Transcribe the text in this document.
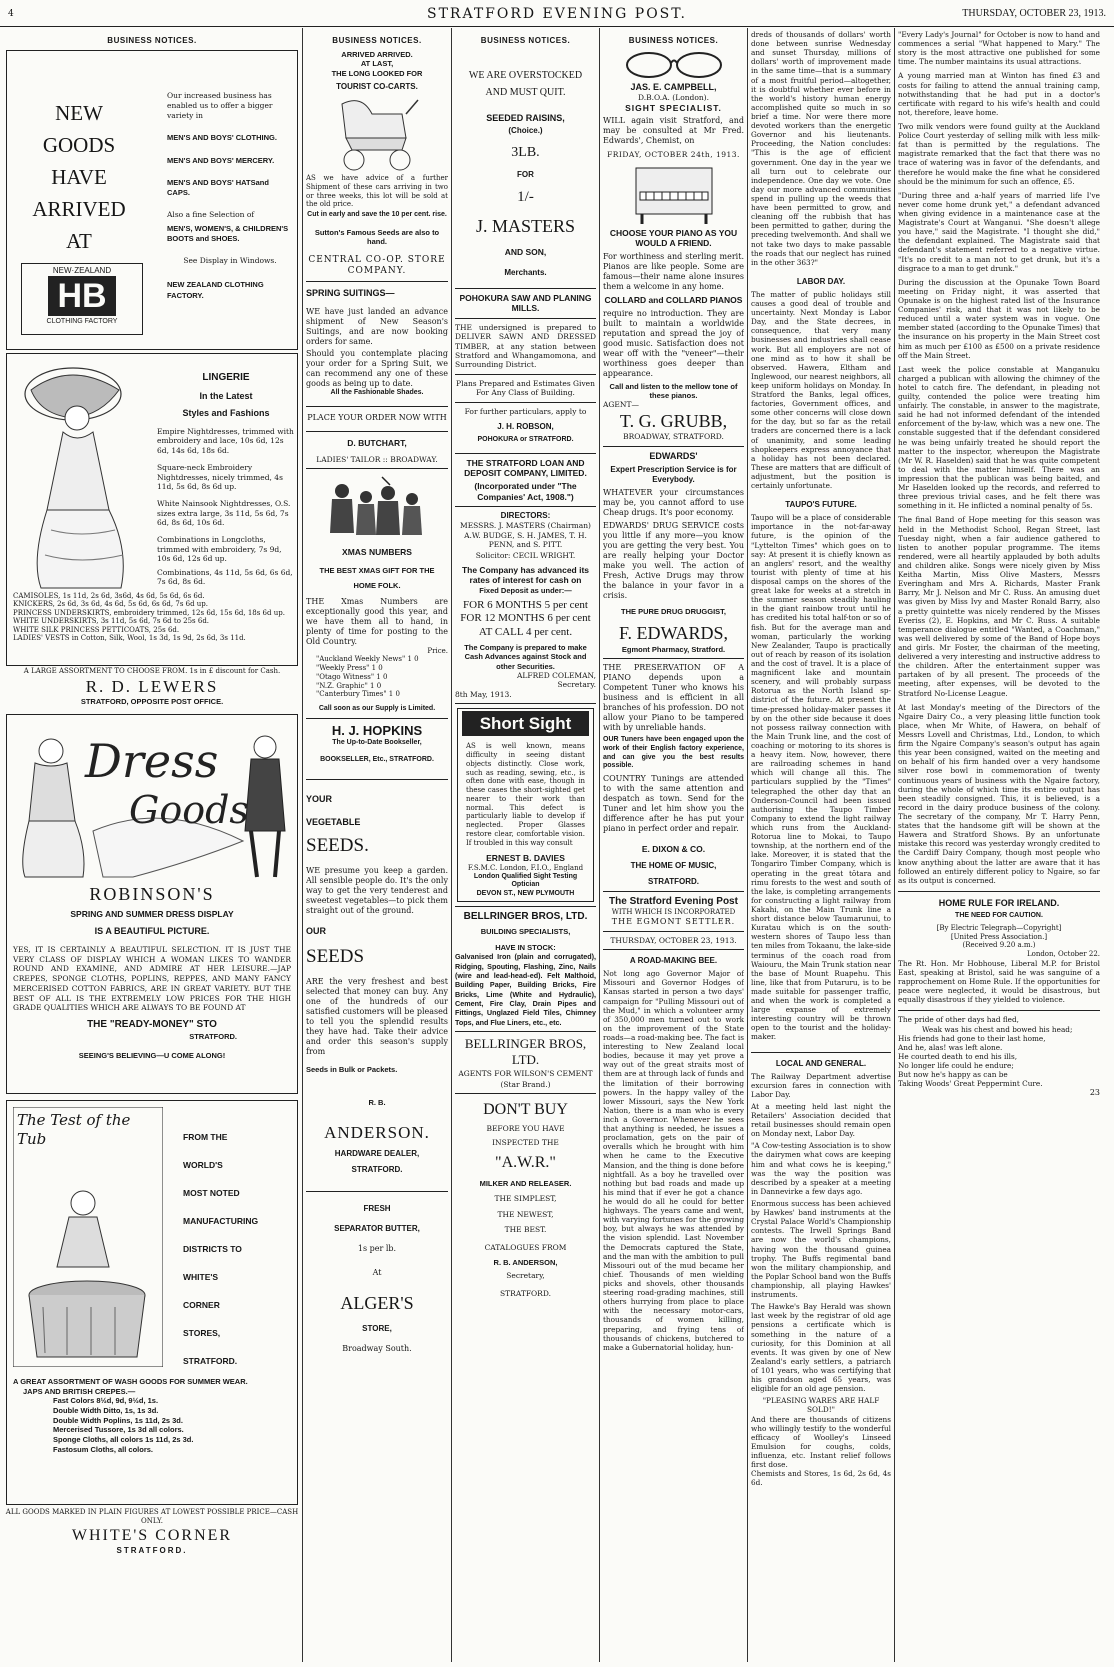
4	STRATFORD EVENING POST.	THURSDAY, OCTOBER 23, 1913.
BUSINESS NOTICES.
NEW
GOODS
HAVE
ARRIVED
AT
NEW·ZEALAND
HB
CLOTHING FACTORY
Our increased business has enabled us to offer a bigger variety in
MEN'S AND BOYS' CLOTHING.
MEN'S AND BOYS' MERCERY.
MEN'S AND BOYS' HATSand CAPS.
Also a fine Selection of
MEN'S, WOMEN'S, & CHILDREN'S BOOTS and SHOES.
See Display in Windows.
NEW ZEALAND CLOTHING FACTORY.
LINGERIE
In the Latest
Styles and Fashions
Empire Nightdresses, trimmed with embroidery and lace, 10s 6d, 12s 6d, 14s 6d, 18s 6d.
Square-neck Embroidery Nightdresses, nicely trimmed, 4s 11d, 5s 6d, 8s 6d up.
White Nainsook Nightdresses, O.S. sizes extra large, 3s 11d, 5s 6d, 7s 6d, 8s 6d, 10s 6d.
Combinations in Longcloths, trimmed with embroidery, 7s 9d, 10s 6d, 12s 6d up.
Combinations, 4s 11d, 5s 6d, 6s 6d, 7s 6d, 8s 6d.
CAMISOLES, 1s 11d, 2s 6d, 3s6d, 4s 6d, 5s 6d, 6s 6d.
KNICKERS, 2s 6d, 3s 6d, 4s 6d, 5s 6d, 6s 6d, 7s 6d up.
PRINCESS UNDERSKIRTS, embroidery trimmed, 12s 6d, 15s 6d, 18s 6d up.
WHITE UNDERSKIRTS, 3s 11d, 5s 6d, 7s 6d to 25s 6d.
WHITE SILK PRINCESS PETTICOATS, 25s 6d.
LADIES' VESTS in Cotton, Silk, Wool, 1s 3d, 1s 9d, 2s 6d, 3s 11d.
A LARGE ASSORTMENT TO CHOOSE FROM. 1s in £ discount for Cash.
R. D. LEWERS
STRATFORD, OPPOSITE POST OFFICE.
Dress
Goods
ROBINSON'S
SPRING AND SUMMER DRESS DISPLAY
IS A BEAUTIFUL PICTURE.
YES, IT IS CERTAINLY A BEAUTIFUL SELECTION. IT IS JUST THE VERY CLASS OF DISPLAY WHICH A WOMAN LIKES TO WANDER ROUND AND EXAMINE, AND ADMIRE AT HER LEISURE.—JAP CREPES, SPONGE CLOTHS, POPLINS, REPPES, AND MANY FANCY MERCERISED COTTON FABRICS, ARE IN GREAT VARIETY. BUT THE BEST OF ALL IS THE EXTREMELY LOW PRICES FOR THE HIGH GRADE QUALITIES WHICH ARE ALWAYS TO BE FOUND AT
THE "READY-MONEY" STO
STRATFORD.
SEEING'S BELIEVING—U COME ALONG!
The Test of the Tub	FROM THE
WORLD'S
MOST NOTED
MANUFACTURING
DISTRICTS TO
WHITE'S
CORNER
STORES,
STRATFORD.
A GREAT ASSORTMENT OF WASH GOODS FOR SUMMER WEAR.
JAPS AND BRITISH CREPES.—
Fast Colors 8½d, 9d, 9½d, 1s.
Double Width Ditto, 1s, 1s 3d.
Double Width Poplins, 1s 11d, 2s 3d.
Mercerised Tussore, 1s 3d all colors.
Sponge Cloths, all colors 1s 11d, 2s 3d.
Fastosum Cloths, all colors.
ALL GOODS MARKED IN PLAIN FIGURES AT LOWEST POSSIBLE PRICE—CASH ONLY.
WHITE'S CORNER
STRATFORD.
BUSINESS NOTICES.
ARRIVED ARRIVED.
AT LAST,
THE LONG LOOKED FOR
TOURIST CO-CARTS.
AS we have advice of a further Shipment of these cars arriving in two or three weeks, this lot will be sold at the old price.
Cut in early and save the 10 per cent. rise.
Sutton's Famous Seeds are also to hand.
CENTRAL CO-OP. STORE COMPANY.
SPRING SUITINGS—
WE have just landed an advance shipment of New Season's Suitings, and are now booking orders for same.
Should you contemplate placing your order for a Spring Suit, we can recommend any one of these goods as being up to date.
All the Fashionable Shades.
PLACE YOUR ORDER NOW WITH
D. BUTCHART,
LADIES' TAILOR :: BROADWAY.
XMAS NUMBERS
THE BEST XMAS GIFT FOR THE
HOME FOLK.
THE Xmas Numbers are exceptionally good this year, and we have them all to hand, in plenty of time for posting to the Old Country.
Price.
"Auckland Weekly News" 1 0
"Weekly Press" 1 0
"Otago Witness" 1 0
"N.Z. Graphic" 1 0
"Canterbury Times" 1 0
Call soon as our Supply is Limited.
H. J. HOPKINS
The Up-to-Date Bookseller,
BOOKSELLER, Etc., STRATFORD.
YOUR
VEGETABLE
SEEDS.
WE presume you keep a garden. All sensible people do. It's the only way to get the very tenderest and sweetest vegetables—to pick them straight out of the ground.
OUR
SEEDS
ARE the very freshest and best selected that money can buy. Any one of the hundreds of our satisfied customers will be pleased to tell you the splendid results they have had. Take their advice and order this season's supply from
Seeds in Bulk or Packets.
R. B.
ANDERSON.
HARDWARE DEALER,
STRATFORD.
FRESH
SEPARATOR BUTTER,
1s per lb.
At
ALGER'S
STORE,
Broadway South.
BUSINESS NOTICES.
WE ARE OVERSTOCKED
AND MUST QUIT.
SEEDED RAISINS,
(Choice.)
3LB.
FOR
1/-
J. MASTERS
AND SON,
Merchants.
POHOKURA SAW AND PLANING MILLS.
THE undersigned is prepared to DELIVER SAWN AND DRESSED TIMBER, at any station between Stratford and Whangamomona, and Surrounding District.
Plans Prepared and Estimates Given For Any Class of Building.
For further particulars, apply to
J. H. ROBSON,
POHOKURA or STRATFORD.
THE STRATFORD LOAN AND DEPOSIT COMPANY, LIMITED.
(Incorporated under "The Companies' Act, 1908.")
DIRECTORS:
MESSRS. J. MASTERS (Chairman) A.W. BUDGE, S. H. JAMES, T. H. PENN, and S. PITT.
Solicitor: CECIL WRIGHT.
The Company has advanced its rates of interest for cash on
Fixed Deposit as under:—
FOR 6 MONTHS 5 per cent
FOR 12 MONTHS 6 per cent
AT CALL 4 per cent.
The Company is prepared to make Cash Advances against Stock and other Securities.
ALFRED COLEMAN,
Secretary.
8th May, 1913.
Short Sight
AS is well known, means difficulty in seeing distant objects distinctly. Close work, such as reading, sewing, etc., is often done with ease, though in these cases the short-sighted get nearer to their work than normal. This defect is particularly liable to develop if neglected. Proper Glasses restore clear, comfortable vision. If troubled in this way consult
ERNEST B. DAVIES
F.S.M.C. London, F.I.O., England
London Qualified Sight Testing Optician
DEVON ST., NEW PLYMOUTH
BELLRINGER BROS, LTD.
BUILDING SPECIALISTS,
HAVE IN STOCK:
Galvanised Iron (plain and corrugated), Ridging, Spouting, Flashing, Zinc, Nails (wire and lead-head-ed). Felt Malthoid, Building Paper, Building Bricks, Fire Bricks, Lime (White and Hydraulic), Cement, Fire Clay, Drain Pipes and Fittings, Unglazed Field Tiles, Chimney Tops, and Flue Liners, etc., etc.
BELLRINGER BROS, LTD.
AGENTS FOR WILSON'S CEMENT
(Star Brand.)
DON'T BUY
BEFORE YOU HAVE
INSPECTED THE
"A.W.R."
MILKER AND RELEASER.
THE SIMPLEST,
THE NEWEST,
THE BEST.
CATALOGUES FROM
R. B. ANDERSON,
Secretary,
STRATFORD.
BUSINESS NOTICES.
JAS. E. CAMPBELL,
D.B.O.A. (London).
SIGHT SPECIALIST.
WILL again visit Stratford, and may be consulted at Mr Fred. Edwards', Chemist, on
FRIDAY, OCTOBER 24th, 1913.
CHOOSE YOUR PIANO AS YOU WOULD A FRIEND.
For worthiness and sterling merit. Pianos are like people. Some are famous—their name alone insures them a welcome in any home.
COLLARD and COLLARD PIANOS
require no introduction. They are built to maintain a worldwide reputation and spread the joy of good music. Satisfaction does not wear off with the "veneer"—their worthiness goes deeper than appearance.
Call and listen to the mellow tone of these pianos.
AGENT—
T. G. GRUBB,
BROADWAY, STRATFORD.
EDWARDS'
Expert Prescription Service is for Everybody.
WHATEVER your circumstances may be, you cannot afford to use Cheap drugs. It's poor economy.
EDWARDS' DRUG SERVICE costs you little if any more—you know you are getting the very best. You are really helping your Doctor make you well. The action of Fresh, Active Drugs may throw the balance in your favor in a crisis.
THE PURE DRUG DRUGGIST,
F. EDWARDS,
Egmont Pharmacy, Stratford.
THE PRESERVATION OF A PIANO depends upon a Competent Tuner who knows his business and is efficient in all branches of his profession. DO not allow your Piano to be tampered with by unreliable hands.
OUR Tuners have been engaged upon the work of their English factory experience, and can give you the best results possible.
COUNTRY Tunings are attended to with the same attention and despatch as town. Send for the Tuner and let him show you the difference after he has put your piano in perfect order and repair.
E. DIXON & CO.
THE HOME OF MUSIC,
STRATFORD.
The Stratford Evening Post
WITH WHICH IS INCORPORATED
THE EGMONT SETTLER.
THURSDAY, OCTOBER 23, 1913.
A ROAD-MAKING BEE.
Not long ago Governor Major of Missouri and Governor Hodges of Kansas started in person a two days' campaign for "Pulling Missouri out of the Mud," in which a volunteer army of 350,000 men turned out to work on the improvement of the State roads—a road-making bee. The fact is interesting to New Zealand local bodies, because it may yet prove a way out of the great straits most of them are at through lack of funds and the limitation of their borrowing powers. In the happy valley of the lower Missouri, says the New York Nation, there is a man who is every inch a Governor. Whenever he sees that anything is needed, he issues a proclamation, gets on the pair of overalls which he brought with him when he came to the Executive Mansion, and the thing is done before nightfall. As a boy he travelled over nothing but bad roads and made up his mind that if ever he got a chance he would do all he could for better highways. The years came and went, with varying fortunes for the growing boy, but always he was attended by the vision splendid. Last November the Democrats captured the State, and the man with the ambition to pull Missouri out of the mud became her chief. Thousands of men wielding picks and shovels, other thousands steering road-grading machines, still others hurrying from place to place with the necessary motor-cars, thousands of women killing, preparing, and frying tens of thousands of chickens, butchered to make a Gubernatorial holiday, hun-
dreds of thousands of dollars' worth done between sunrise Wednesday and sunset Thursday, millions of dollars' worth of improvement made in the same time—that is a summary of a most fruitful period—altogether, it is doubtful whether ever before in the world's history human energy accomplished quite so much in so brief a time. Nor were there more devoted workers than the energetic Governor and his lieutenants. Proceeding, the Nation concludes: "This is the age of efficient government. One day in the year we all turn out to celebrate our independence. One day we vote. One day our more advanced communities spend in pulling up the weeds that have been permitted to grow, and cleaning off the rubbish that has been permitted to gather, during the preceding twelvemonth. And shall we not take two days to make passable the roads that our neglect has ruined in the other 363?"
LABOR DAY.
The matter of public holidays still causes a good deal of trouble and uncertainty. Next Monday is Labor Day, and the State decrees, in consequence, that very many businesses and industries shall cease work. But all employers are not of one mind as to how it shall be observed. Hawera, Eltham and Inglewood, our nearest neighbors, all keep uniform holidays on Monday. In Stratford the Banks, legal offices, factories, Government offices, and some other concerns will close down for the day, but so far as the retail traders are concerned there is a lack of unanimity, and some leading shopkeepers express annoyance that a holiday has not been declared. These are matters that are difficult of adjustment, but the position is certainly unfortunate.
TAUPO'S FUTURE.
Taupo will be a place of considerable importance in the not-far-away future, is the opinion of the "Lyttelton Times" which goes on to say: At present it is chiefly known as an anglers' resort, and the wealthy tourist with plenty of time at his disposal camps on the shores of the great lake for weeks at a stretch in the summer season steadily hauling in the giant rainbow trout until he has credited his total half-ton or so of fish. But for the average man and woman, particularly the working New Zealander, Taupo is practically out of reach by reason of its isolation and the cost of travel. It is a place of magnificent lake and mountain scenery, and will probably surpass Rotorua as the North Island sp-district of the future. At present the time-pressed holiday-maker passes it by on the other side because it does not possess railway connection with the Main Trunk line, and the cost of coaching or motoring to its shores is a heavy item. Now, however, there are railroading schemes in hand which will change all this. The particulars supplied by the "Times" telegraphed the other day that an Onderson-Council had been issued authorising the Taupo Timber Company to extend the light railway which runs from the Auckland-Rotorua line to Mokai, to Taupo township, at the northern end of the lake. Moreover, it is stated that the Tongariro Timber Company, which is operating in the great tōtara and rimu forests to the west and south of the lake, is completing arrangements for constructing a light railway from Kakahi, on the Main Trunk line a short distance below Taumarunui, to Kuratau which is on the south-western shores of Taupo less than ten miles from Tokaanu, the lake-side terminus of the coach road from Waiouru, the Main Trunk station near the base of Mount Ruapehu. This line, like that from Putaruru, is to be made suitable for passenger traffic, and when the work is completed a large expanse of extremely interesting country will be thrown open to the tourist and the holiday-maker.
LOCAL AND GENERAL.
The Railway Department advertise excursion fares in connection with Labor Day.
At a meeting held last night the Retailers' Association decided that retail businesses should remain open on Monday next, Labor Day.
"A Cow-testing Association is to show the dairymen what cows are keeping him and what cows he is keeping," was the way the position was described by a speaker at a meeting in Dannevirke a few days ago.
Enormous success has been achieved by Hawkes' band instruments at the Crystal Palace World's Championship contests. The Irwell Springs Band are now the world's champions, having won the thousand guinea trophy. The Buffs regimental band won the military championship, and the Poplar School band won the Buffs championship, all playing Hawkes' instruments.
The Hawke's Bay Herald was shown last week by the registrar of old age pensions a certificate which is something in the nature of a curiosity, for this Dominion at all events. It was given by one of New Zealand's early settlers, a patriarch of 101 years, who was certifying that his grandson aged 65 years, was eligible for an old age pension.
"PLEASING WARES ARE HALF SOLD!"
And there are thousands of citizens who willingly testify to the wonderful efficacy of Woolley's Linseed Emulsion for coughs, colds, influenza, etc. Instant relief follows first dose.
Chemists and Stores, 1s 6d, 2s 6d, 4s 6d.
"Every Lady's Journal" for October is now to hand and commences a serial "What happened to Mary." The story is the most attractive one published for some time. The number maintains its usual attractions.
A young married man at Winton has fined £3 and costs for failing to attend the annual training camp, notwithstanding that he had put in a doctor's certificate with regard to his wife's health and could not, therefore, leave home.
Two milk vendors were found guilty at the Auckland Police Court yesterday of selling milk with less milk-fat than is permitted by the regulations. The magistrate remarked that the fact that there was no trace of watering was in favor of the defendants, and therefore he would make the fine what he considered should be the minimum for such an offence, £5.
"During three and a-half years of married life I've never come home drunk yet," a defendant advanced when giving evidence in a maintenance case at the Magistrate's Court at Wanganui. "She doesn't allege you have," said the Magistrate. "I thought she did," the defendant explained. The Magistrate said that defendant's statement referred to a negative virtue. "It's no credit to a man not to get drunk, but it's a disgrace to a man to get drunk."
During the discussion at the Opunake Town Board meeting on Friday night, it was asserted that Opunake is on the highest rated list of the Insurance Companies' risk, and that it was not likely to be reduced until a water system was in vogue. One member stated (according to the Opunake Times) that the insurance on his property in the Main Street cost him as much per £100 as £500 on a private residence off the Main Street.
Last week the police constable at Manganuku charged a publican with allowing the chimney of the hotel to catch fire. The defendant, in pleading not guilty, contended the police were treating him unfairly. The constable, in answer to the magistrate, said he had not informed defendant of the intended enforcement of the by-law, which was a new one. The constable suggested that if the defendant considered he was being unfairly treated he should report the matter to the inspector, whereupon the Magistrate (Mr W. R. Haselden) said that he was quite competent to deal with the matter himself. There was an impression that the publican was being baited, and Mr Haselden looked up the records, and referred to three previous trivial cases, and he felt there was something in it. He inflicted a nominal penalty of 5s.
The final Band of Hope meeting for this season was held in the Methodist School, Regan Street, last Tuesday night, when a fair audience gathered to listen to another popular programme. The items rendered, were all heartily applauded by both adults and children alike. Songs were nicely given by Miss Keitha Martin, Miss Olive Masters, Messrs Everingham and Mrs A. Richards, Master Frank Barry, Mr J. Nelson and Mr C. Russ. An amusing duet was given by Miss Ivy and Master Ronald Barry, also a pretty quintette was nicely rendered by the Misses Everiss (2), E. Hopkins, and Mr C. Russ. A suitable temperance dialogue entitled "Wanted, a Coachman," was well delivered by some of the Band of Hope boys and girls. Mr Foster, the chairman of the meeting, delivered a very interesting and instructive address to the children. After the entertainment supper was partaken of by all present. The proceeds of the meeting, after expenses, will be devoted to the Stratford No-License League.
At last Monday's meeting of the Directors of the Ngaire Dairy Co., a very pleasing little function took place, when Mr White, of Hawera, on behalf of Messrs Lovell and Christmas, Ltd., London, to which firm the Ngaire Company's season's output has again this year been consigned, waited on the meeting and on behalf of his firm handed over a very handsome silver rose bowl in commemoration of twenty continuous years of business with the Ngaire factory, during the whole of which time its entire output has been steadily consigned. This, it is believed, is a record in the dairy produce business of the colony. The secretary of the company, Mr T. Harry Penn, states that the handsome gift will be shown at the Hawera and Stratford Shows. By an unfortunate mistake this record was yesterday wrongly credited to the Cardiff Dairy Company, though most people who know anything about the latter are aware that it has followed an entirely different policy to Ngaire, so far as its output is concerned.
HOME RULE FOR IRELAND.
THE NEED FOR CAUTION.
[By Electric Telegraph—Copyright]
[United Press Association.]
(Received 9.20 a.m.)
London, October 22.
The Rt. Hon. Mr Hobhouse, Liberal M.P. for Bristol East, speaking at Bristol, said he was sanguine of a rapprochement on Home Rule. If the opportunities for peace were neglected, it would be disastrous, but equally disastrous if they yielded to violence.
The pride of other days had fled,
Weak was his chest and bowed his head;
His friends had gone to their last home,
And he, alas! was left alone.
He courted death to end his ills,
No longer life could he endure;
But now he's happy as can be
Taking Woods' Great Peppermint Cure.
23
